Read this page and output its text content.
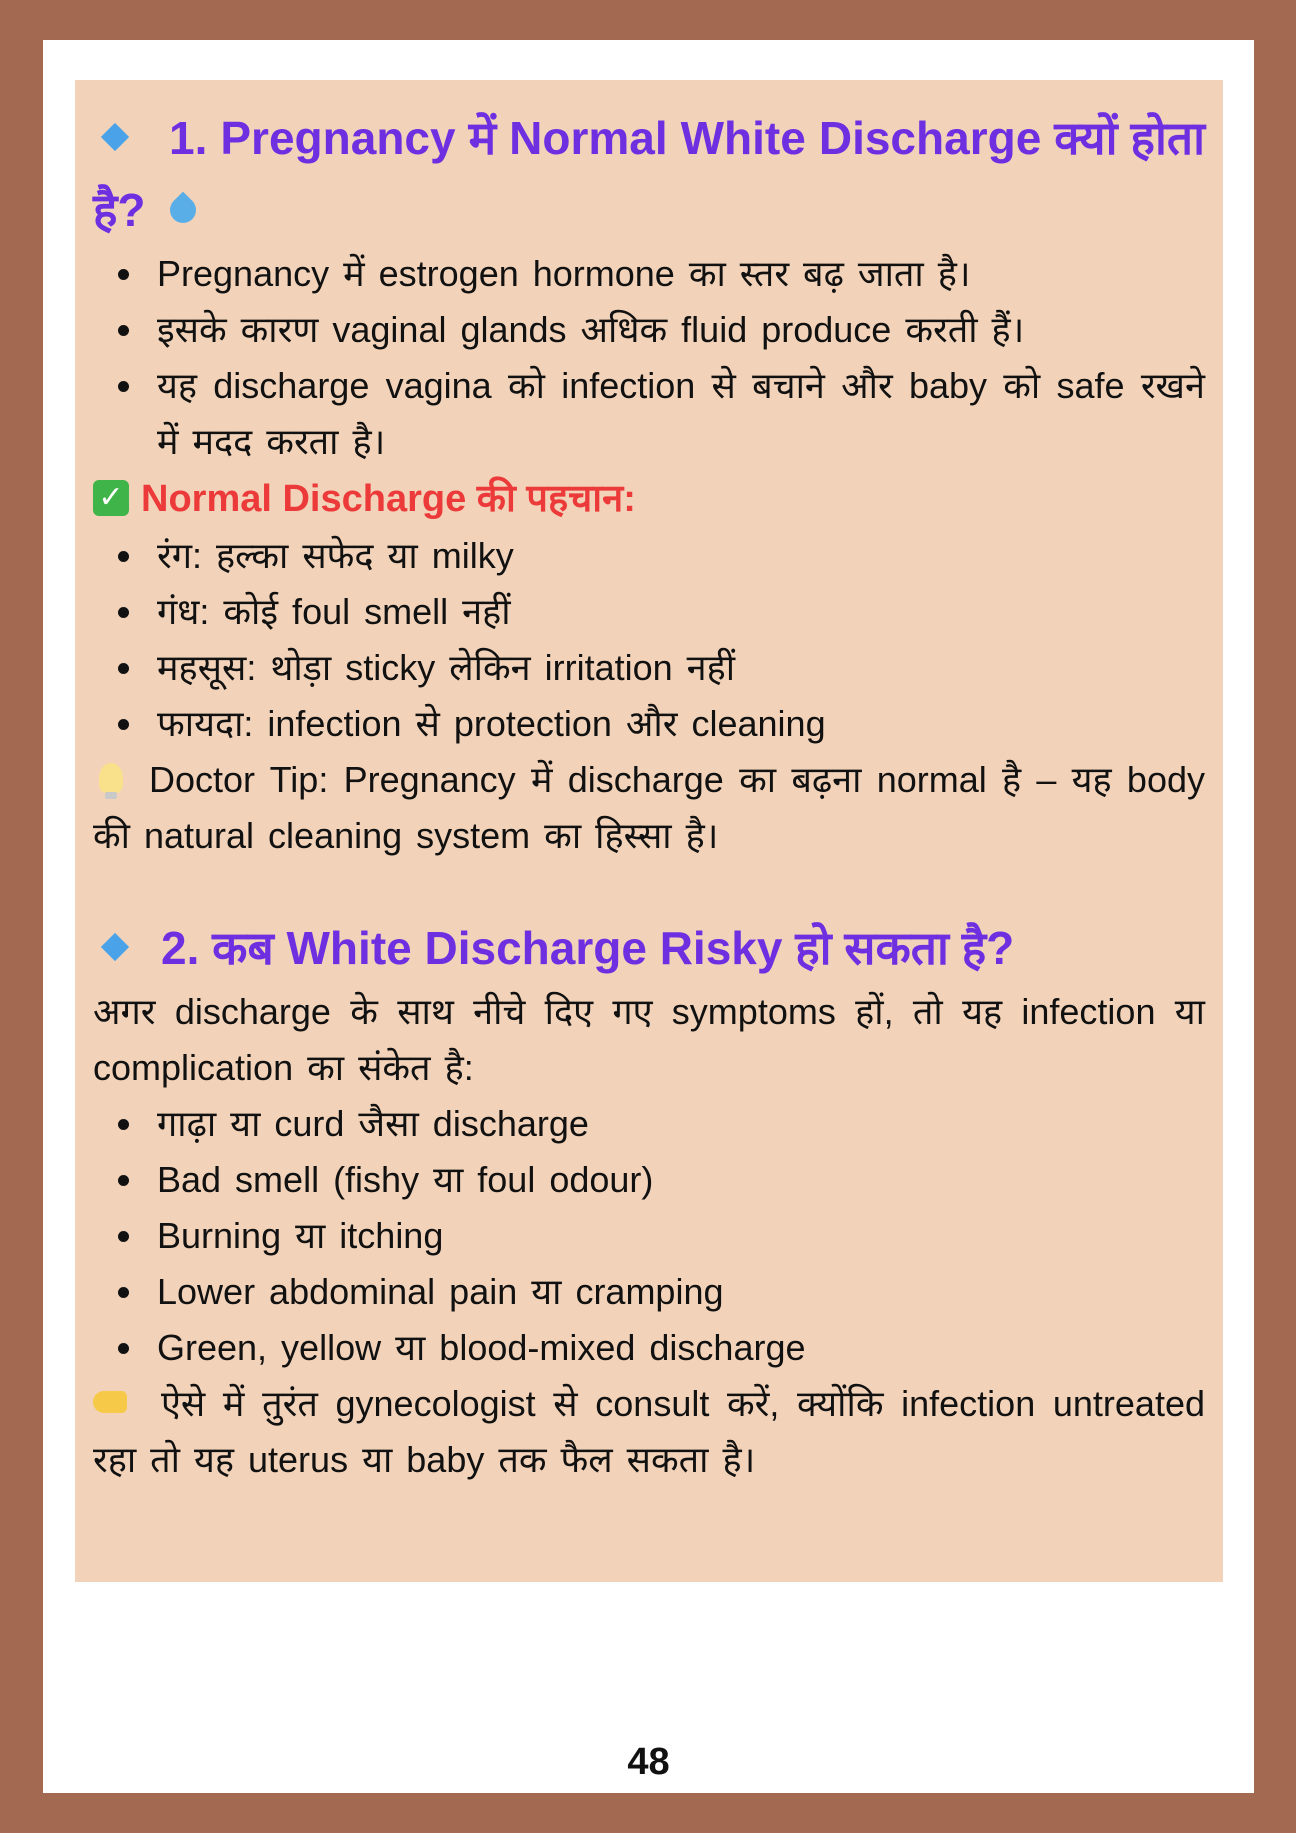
1. Pregnancy में Normal White Discharge क्यों होता है?
Pregnancy में estrogen hormone का स्तर बढ़ जाता है।
इसके कारण vaginal glands अधिक fluid produce करती हैं।
यह discharge vagina को infection से बचाने और baby को safe रखने में मदद करता है।

✓ Normal Discharge की पहचान:

रंग: हल्का सफेद या milky
गंध: कोई foul smell नहीं
महसूस: थोड़ा sticky लेकिन irritation नहीं
फायदा: infection से protection और cleaning

Doctor Tip: Pregnancy में discharge का बढ़ना normal है – यह body की natural cleaning system का हिस्सा है।

2. कब White Discharge Risky हो सकता है?

अगर discharge के साथ नीचे दिए गए symptoms हों, तो यह infection या complication का संकेत है:

गाढ़ा या curd जैसा discharge
Bad smell (fishy या foul odour)
Burning या itching
Lower abdominal pain या cramping
Green, yellow या blood-mixed discharge

ऐसे में तुरंत gynecologist से consult करें, क्योंकि infection untreated रहा तो यह uterus या baby तक फैल सकता है।

48
